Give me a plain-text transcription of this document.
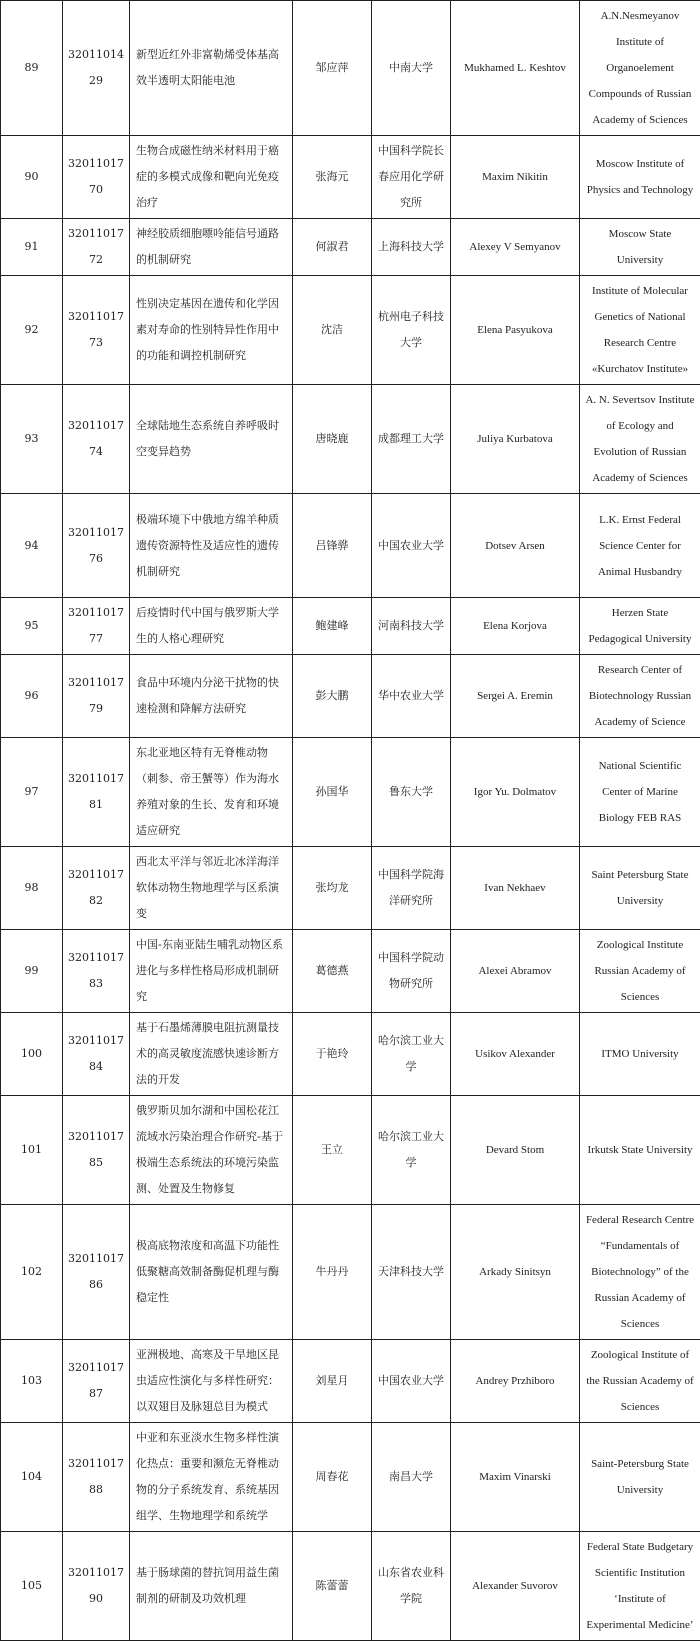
89	3201101429	新型近红外非富勒烯受体基高效半透明太阳能电池	邹应萍	中南大学	Mukhamed L. Keshtov	A.N.Nesmeyanov Institute of Organoelement Compounds of Russian Academy of Sciences
90	3201101770	生物合成磁性纳米材料用于癌症的多模式成像和靶向光免疫治疗	张海元	中国科学院长春应用化学研究所	Maxim Nikitin	Moscow Institute of Physics and Technology
91	3201101772	神经胶质细胞嘌呤能信号通路的机制研究	何淑君	上海科技大学	Alexey V Semyanov	Moscow State University
92	3201101773	性别决定基因在遗传和化学因素对寿命的性别特异性作用中的功能和调控机制研究	沈洁	杭州电子科技大学	Elena Pasyukova	Institute of Molecular Genetics of National Research Centre «Kurchatov Institute»
93	3201101774	全球陆地生态系统自养呼吸时空变异趋势	唐晓鹿	成都理工大学	Juliya Kurbatova	A. N. Severtsov Institute of Ecology and Evolution of Russian Academy of Sciences
94	3201101776	极端环境下中俄地方绵羊种质遗传资源特性及适应性的遗传机制研究	吕锋骅	中国农业大学	Dotsev Arsen	L.K. Ernst Federal Science Center for Animal Husbandry
95	3201101777	后疫情时代中国与俄罗斯大学生的人格心理研究	鲍建峰	河南科技大学	Elena Korjova	Herzen State Pedagogical University
96	3201101779	食品中环境内分泌干扰物的快速检测和降解方法研究	彭大鹏	华中农业大学	Sergei A. Eremin	Research Center of Biotechnology Russian Academy of Science
97	3201101781	东北亚地区特有无脊椎动物（刺参、帝王蟹等）作为海水养殖对象的生长、发育和环境适应研究	孙国华	鲁东大学	Igor Yu. Dolmatov	National Scientific Center of Marine Biology FEB RAS
98	3201101782	西北太平洋与邻近北冰洋海洋软体动物生物地理学与区系演变	张均龙	中国科学院海洋研究所	Ivan Nekhaev	Saint Petersburg State University
99	3201101783	中国-东南亚陆生哺乳动物区系进化与多样性格局形成机制研究	葛德燕	中国科学院动物研究所	Alexei Abramov	Zoological Institute Russian Academy of Sciences
100	3201101784	基于石墨烯薄膜电阻抗测量技术的高灵敏度流感快速诊断方法的开发	于艳玲	哈尔滨工业大学	Usikov Alexander	ITMO University
101	3201101785	俄罗斯贝加尔湖和中国松花江流域水污染治理合作研究-基于极端生态系统法的环境污染监测、处置及生物修复	王立	哈尔滨工业大学	Devard Stom	Irkutsk State University
102	3201101786	极高底物浓度和高温下功能性低聚糖高效制备酶促机理与酶稳定性	牛丹丹	天津科技大学	Arkady Sinitsyn	Federal Research Centre “Fundamentals of Biotechnology” of the Russian Academy of Sciences
103	3201101787	亚洲极地、高寒及干旱地区昆虫适应性演化与多样性研究：以双翅目及脉翅总目为模式	刘星月	中国农业大学	Andrey Przhiboro	Zoological Institute of the Russian Academy of Sciences
104	3201101788	中亚和东亚淡水生物多样性演化热点：重要和濒危无脊椎动物的分子系统发育、系统基因组学、生物地理学和系统学	周春花	南昌大学	Maxim Vinarski	Saint-Petersburg State University
105	3201101790	基于肠球菌的替抗饲用益生菌制剂的研制及功效机理	陈蕾蕾	山东省农业科学院	Alexander Suvorov	Federal State Budgetary Scientific Institution ‘Institute of Experimental Medicine’
